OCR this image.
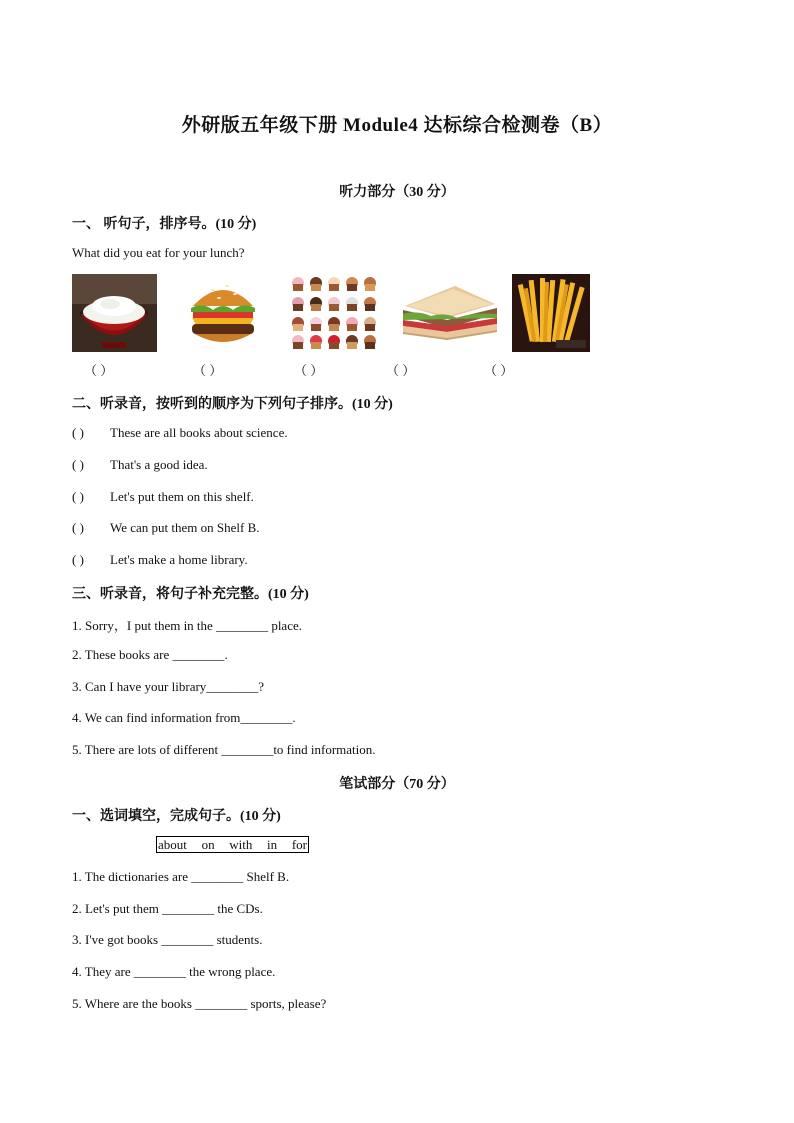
外研版五年级下册 Module4 达标综合检测卷（B）
听力部分（30 分）
一、 听句子，排序号。(10 分)
What did you eat for your lunch?
（ ）	（ ）	（ ）	（ ）	（ ）
二、听录音，按听到的顺序为下列句子排序。(10 分)
( ) These are all books about science.
( ) That's a good idea.
( ) Let's put them on this shelf.
( ) We can put them on Shelf B.
( ) Let's make a home library.
三、听录音，将句子补充完整。(10 分)
1. Sorry，I put them in the ________ place.
2. These books are ________.
3. Can I have your library________?
4. We can find information from________.
5. There are lots of different ________to find information.
笔试部分（70 分）
一、选词填空，完成句子。(10 分)
about on with in for
1. The dictionaries are ________ Shelf B.
2. Let's put them ________ the CDs.
3. I've got books ________ students.
4. They are ________ the wrong place.
5. Where are the books ________ sports, please?
